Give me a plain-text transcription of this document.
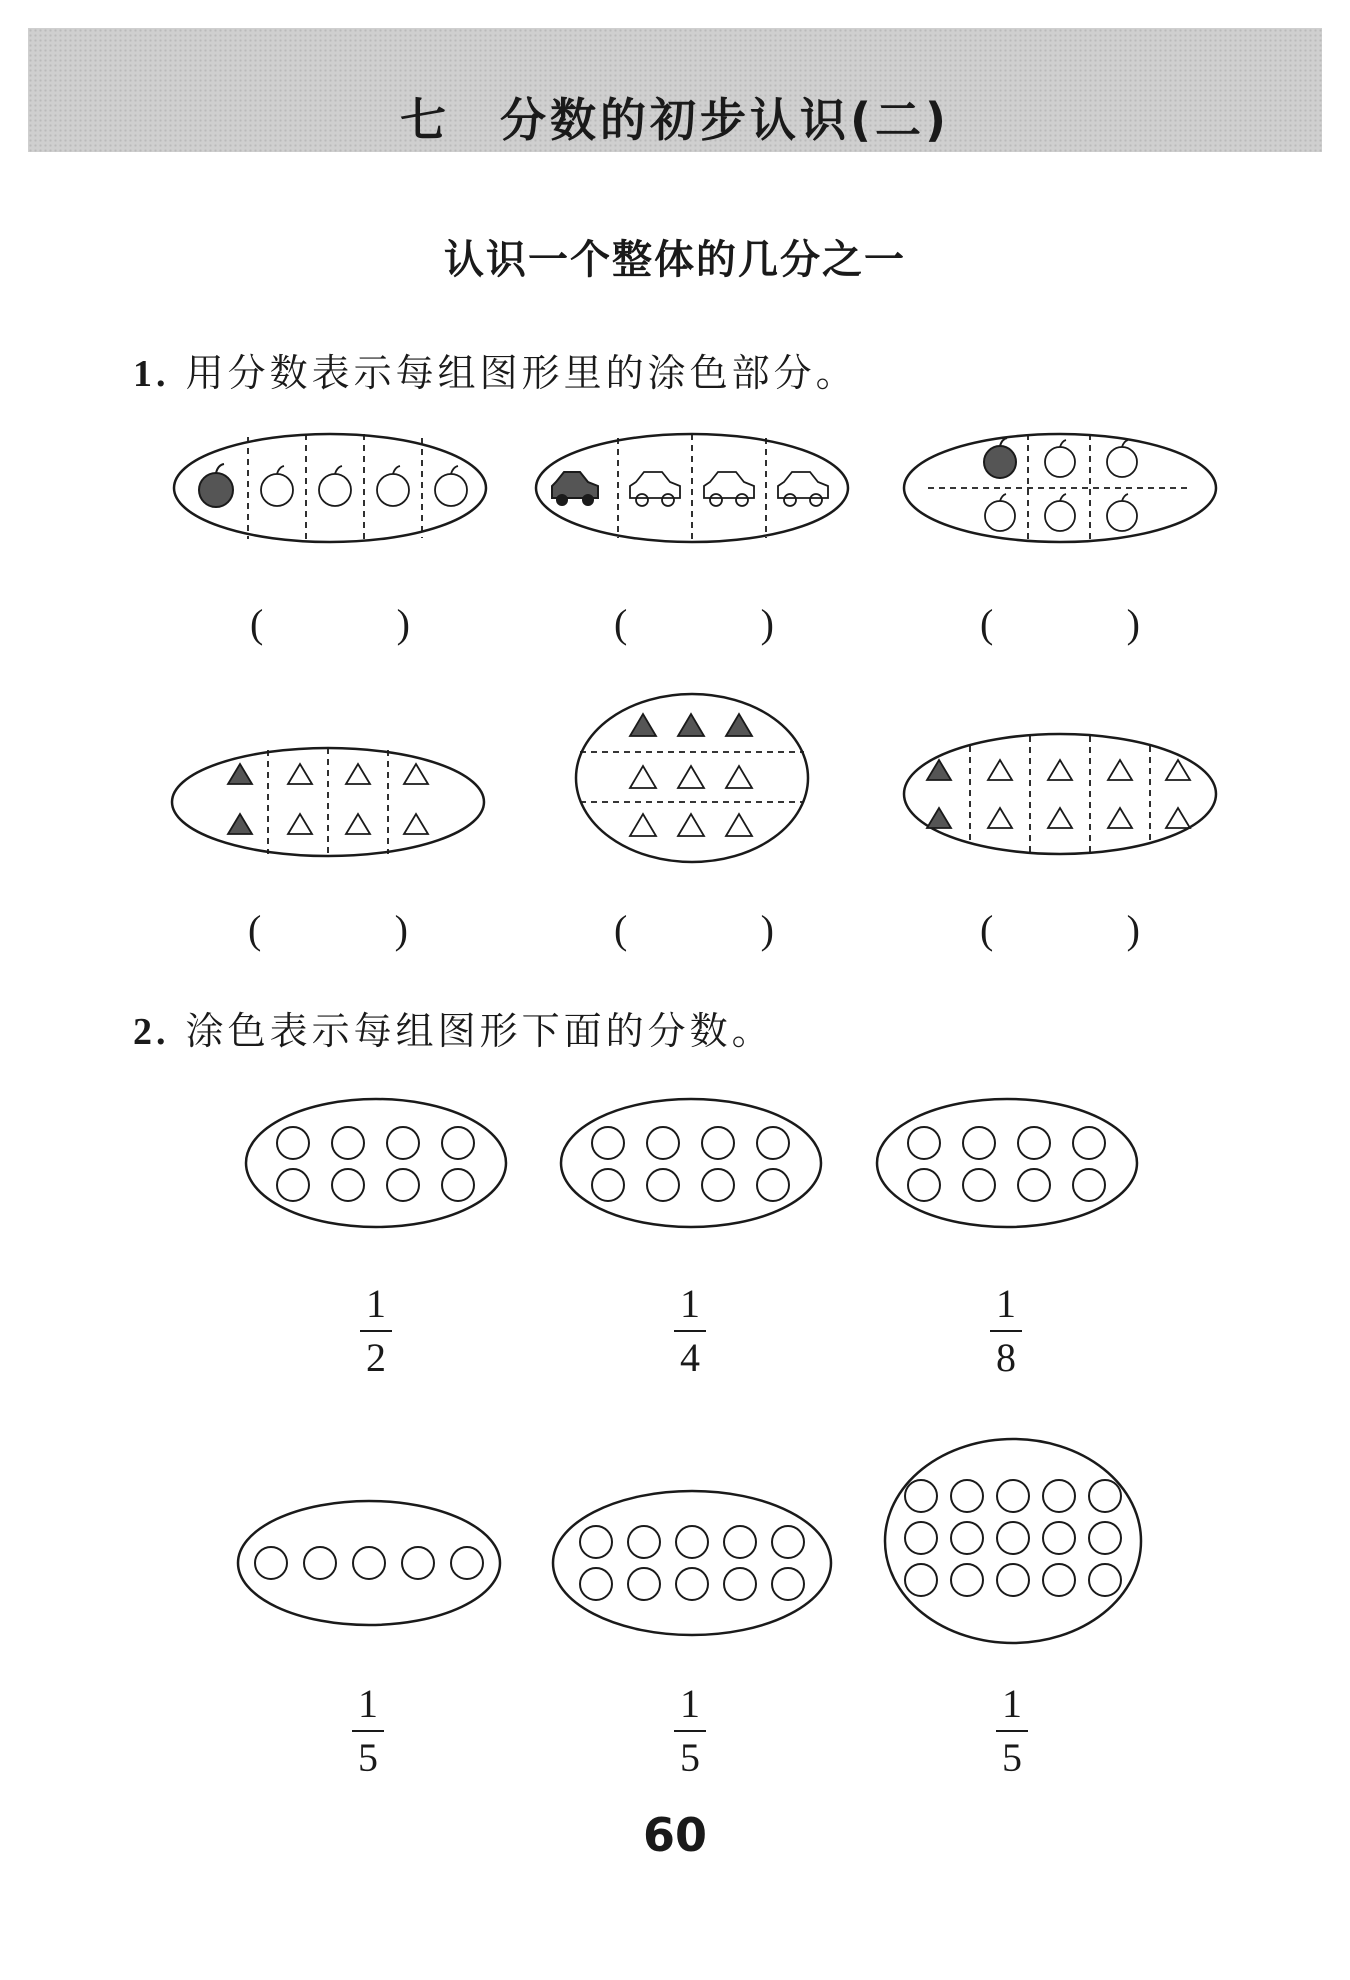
七　分数的初步认识(二)
认识一个整体的几分之一
1. 用分数表示每组图形里的涂色部分。
(	)	(	)	(	)
(	)	(	)	(	)
2. 涂色表示每组图形下面的分数。
1
2
1
4
1
8
1
5
1
5
1
5
60
